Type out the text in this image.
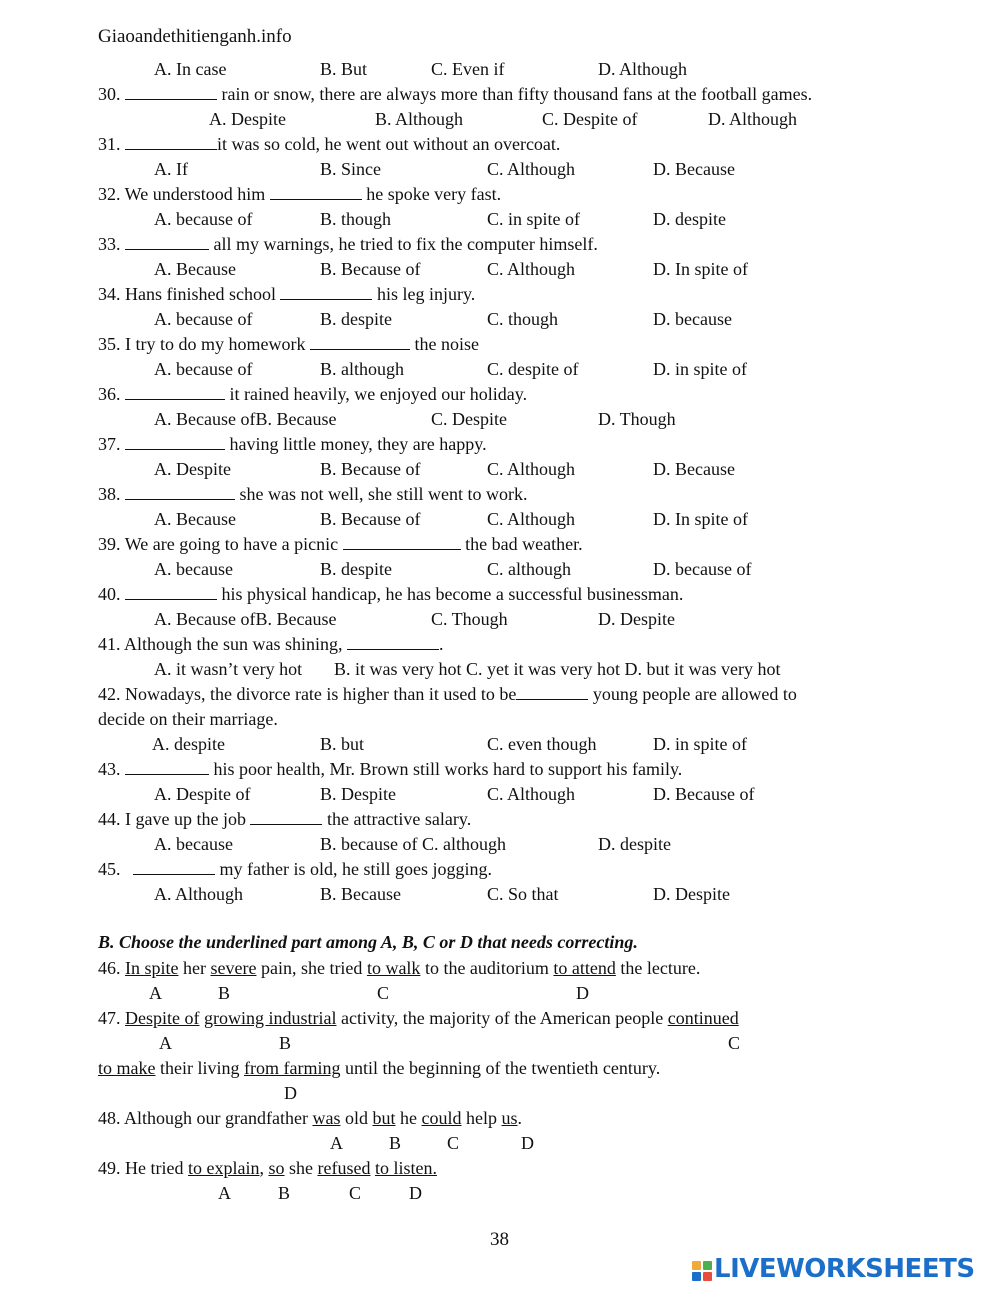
Giaoandethitienganh.info
A. In case	B. But	C. Even if	D. Although
30.	rain or snow, there are always more than fifty thousand fans at the football games.
A. Despite	B. Although	C. Despite of	D. Although
31.	it was so cold, he went out without an overcoat.
A. If	B. Since	C. Although	D. Because
32. We understood him	he spoke very fast.
A. because of	B. though	C. in spite of	D. despite
33.	all my warnings, he tried to fix the computer himself.
A. Because	B. Because of	C. Although	D. In spite of
34. Hans finished school	his leg injury.
A. because of	B. despite	C. though	D. because
35. I try to do my homework	the noise
A. because of	B. although	C. despite of	D. in spite of
36.	it rained heavily, we enjoyed our holiday.
A. Because ofB. Because	C. Despite	D. Though
37.	having little money, they are happy.
A. Despite	B. Because of	C. Although	D. Because
38.	she was not well, she still went to work.
A. Because	B. Because of	C. Although	D. In spite of
39. We are going to have a picnic	the bad weather.
A. because	B. despite	C. although	D. because of
40.	his physical handicap, he has become a successful businessman.
A. Because ofB. Because	C. Though	D. Despite
41. Although the sun was shining,	.
A. it wasn’t very hot B. it was very hot C. yet it was very hot D. but it was very hot
42. Nowadays, the divorce rate is higher than it used to be	young people are allowed to
decide on their marriage.
A. despite	B. but	C. even though	D. in spite of
43.	his poor health, Mr. Brown still works hard to support his family.
A. Despite of	B. Despite	C. Although	D. Because of
44. I gave up the job	the attractive salary.
A. because	B. because of C. although	D. despite
45.	my father is old, he still goes jogging.
A. Although	B. Because	C. So that	D. Despite
B. Choose the underlined part among A, B, C or D that needs correcting.
46. In spite her severe pain, she tried to walk to the auditorium to attend the lecture.
A	B	C	D
47. Despite of growing industrial activity, the majority of the American people continued
A	B	C
to make their living from farming until the beginning of the twentieth century.
D
48. Although our grandfather was old but he could help us.
A	B	C	D
49. He tried to explain, so she refused to listen.
A	B	C	D
38
LIVEWORKSHEETS
